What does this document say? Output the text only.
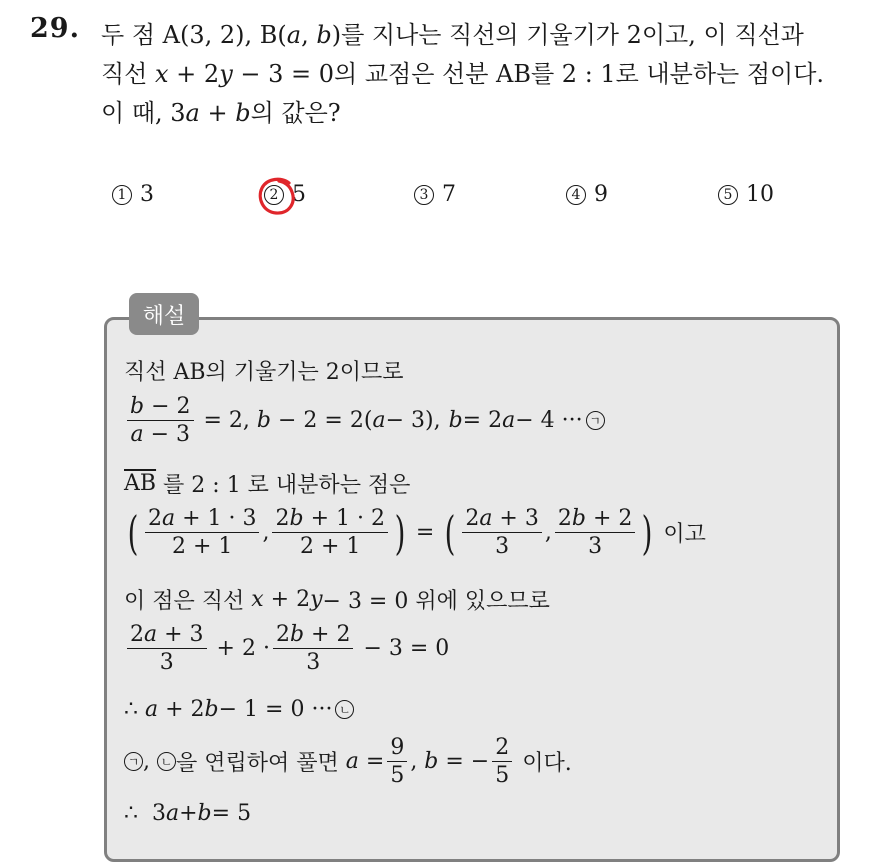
29. 두 점 A(3, 2), B(a, b)를 지나는 직선의 기울기가 2이고, 이 직선과
직선 x + 2y − 3 = 0의 교점은 선분 AB를 2 : 1로 내분하는 점이다.
이 때, 3a + b의 값은?
1 3	2 5	3 7	4 9	5 10
해설
직선 AB의 기울기는 2이므로
$\frac{b - 2}{a - 3} = 2$, b − 2 = 2( a − 3), b = 2 a − 4 ··· ㄱ
$\overline{AB}$ 를 2 : 1 로 내분하는 점은
( $\frac{2a + 1 \cdot 3}{2 + 1}$ , $\frac{2b + 1 \cdot 2}{2 + 1}$ ) = ( $\frac{2a + 3}{3}$ , $\frac{2b + 2}{3}$ ) 이고
이 점은 직선 x + 2 y − 3 = 0 위에 있으므로
$\frac{2a + 3}{3} + 2 \cdot \frac{2b + 2}{3} - 3 = 0$
∴ a + 2 b − 1 = 0 ··· ㄴ
ㄱ , ㄴ 을 연립하여 풀면 $a = \frac{9}{5}$ , b = − $\frac{2}{5}$ 이다.
∴  3 a + b = 5
